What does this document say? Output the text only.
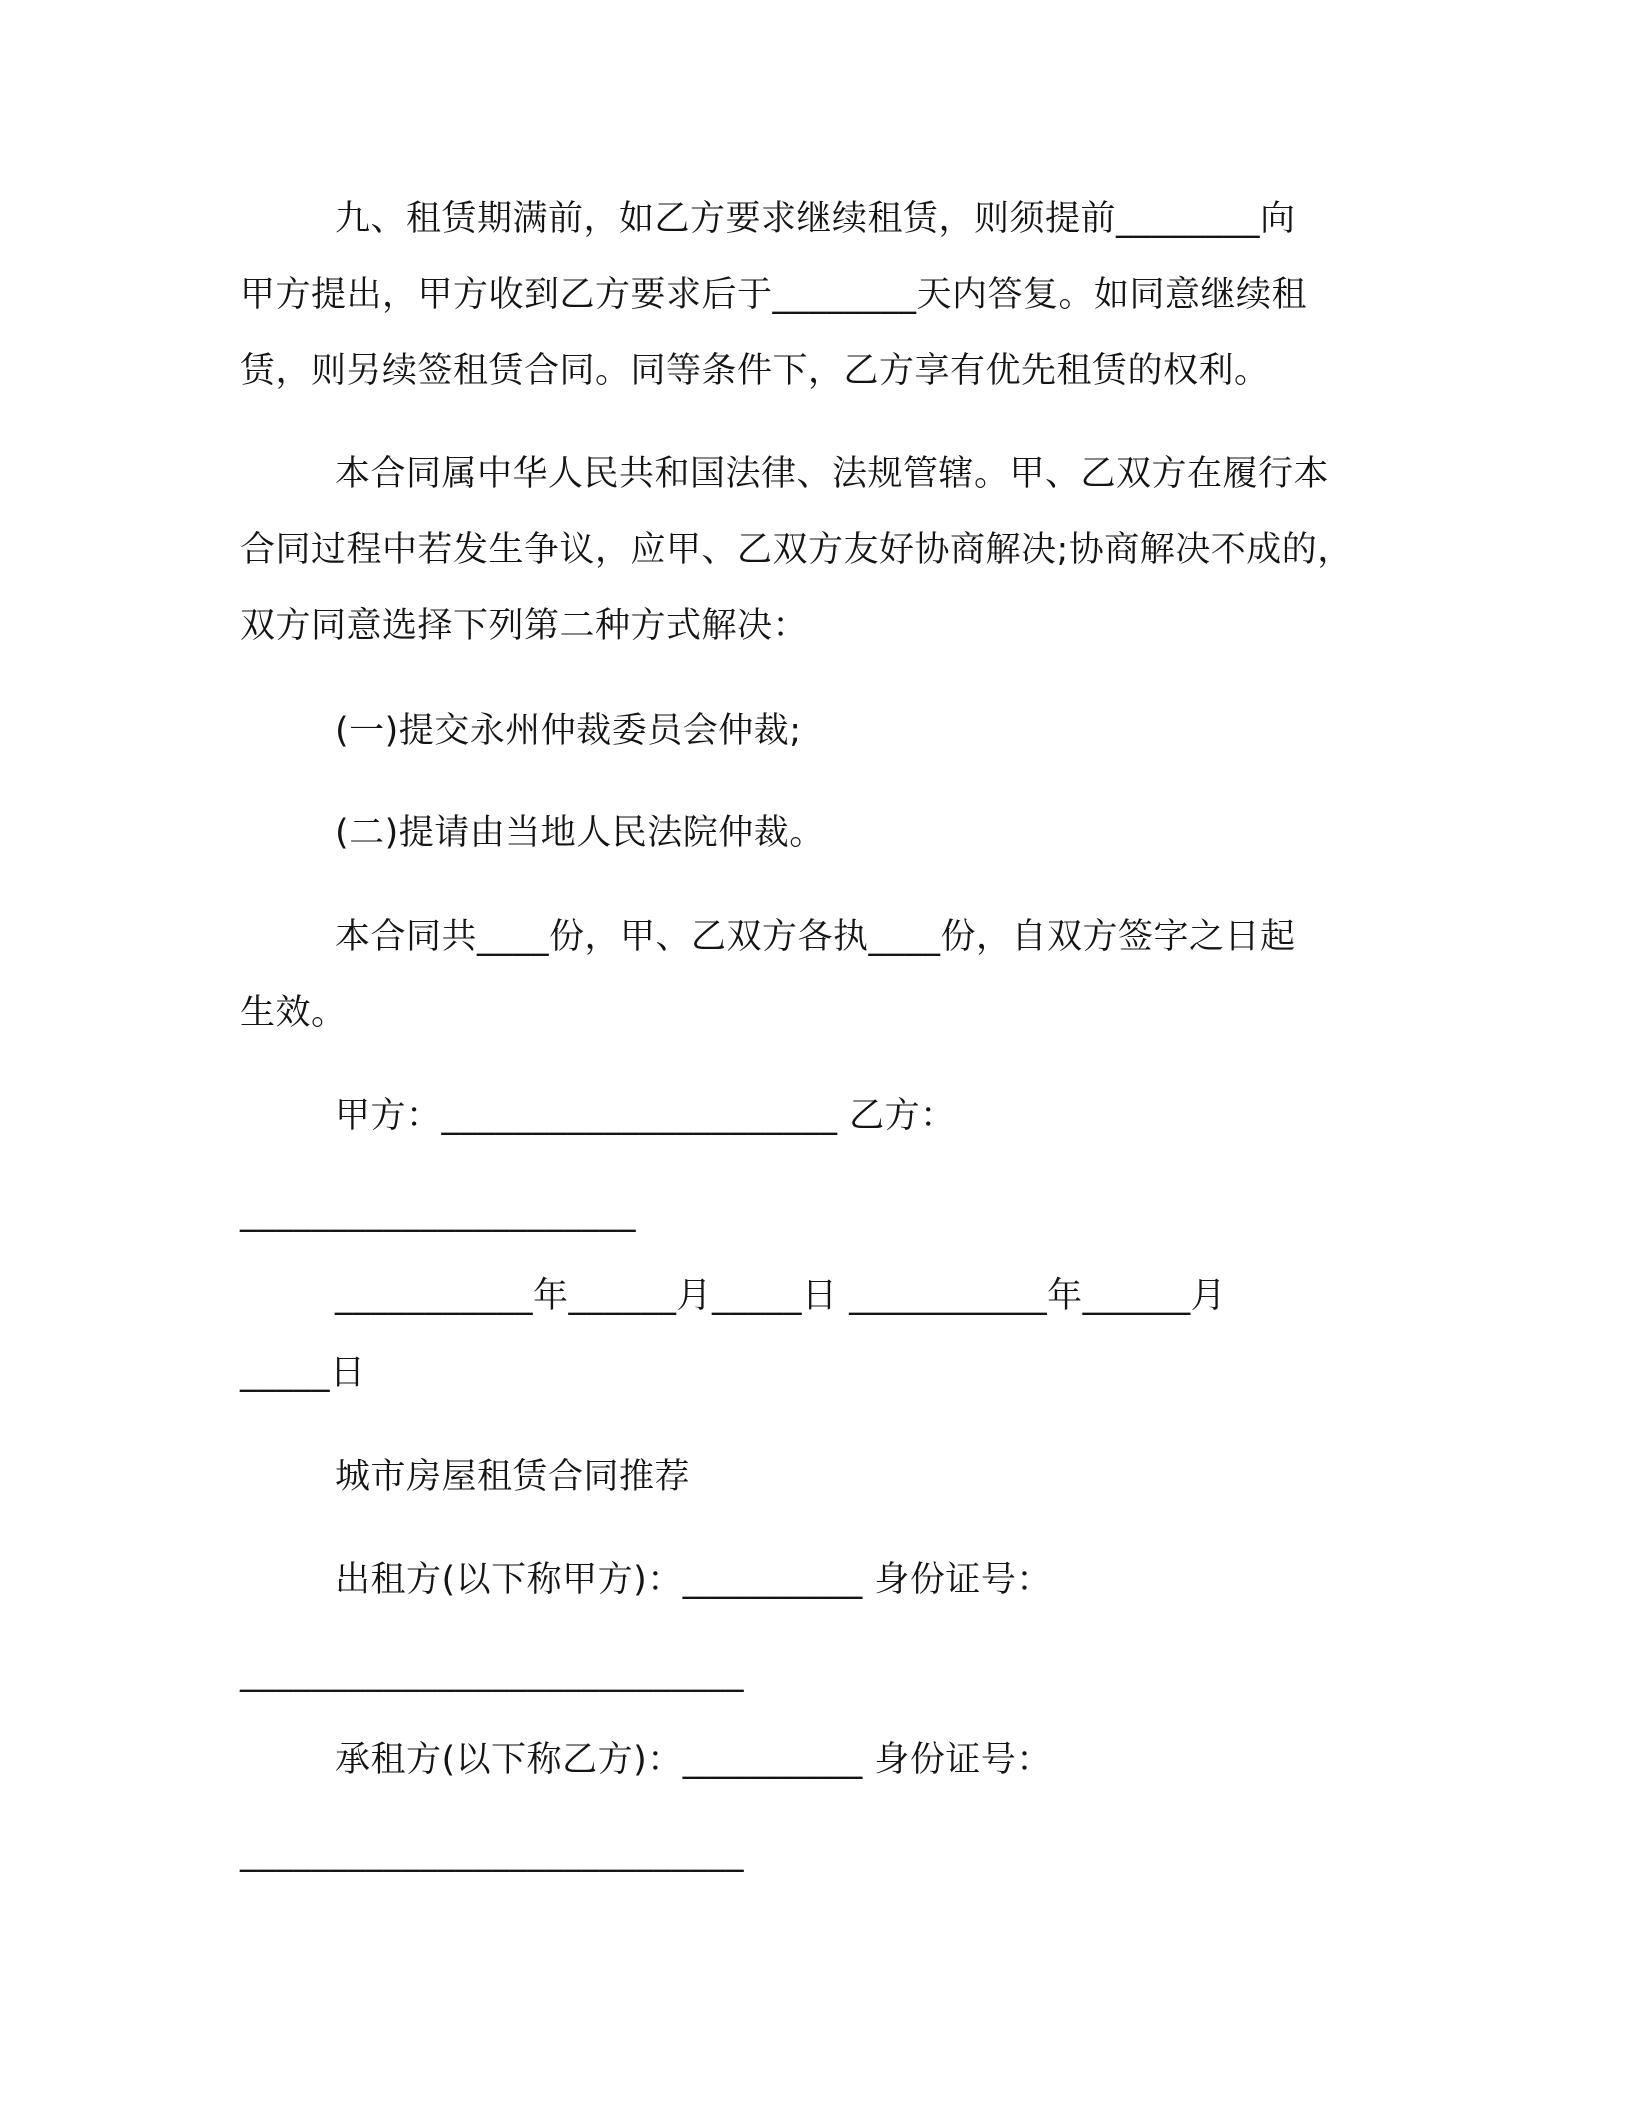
九、租赁期满前，如乙方要求继续租赁，则须提前________向
甲方提出，甲方收到乙方要求后于________天内答复。如同意继续租
赁，则另续签租赁合同。同等条件下，乙方享有优先租赁的权利。
本合同属中华人民共和国法律、法规管辖。甲、乙双方在履行本
合同过程中若发生争议，应甲、乙双方友好协商解决;协商解决不成的，
双方同意选择下列第二种方式解决：
(一)提交永州仲裁委员会仲裁;
(二)提请由当地人民法院仲裁。
本合同共____份，甲、乙双方各执____份，自双方签字之日起
生效。
甲方：______________________ 乙方：
______________________
___________年______月_____日 ___________年______月
_____日
城市房屋租赁合同推荐
出租方(以下称甲方)：__________ 身份证号：
____________________________
承租方(以下称乙方)：__________ 身份证号：
____________________________
